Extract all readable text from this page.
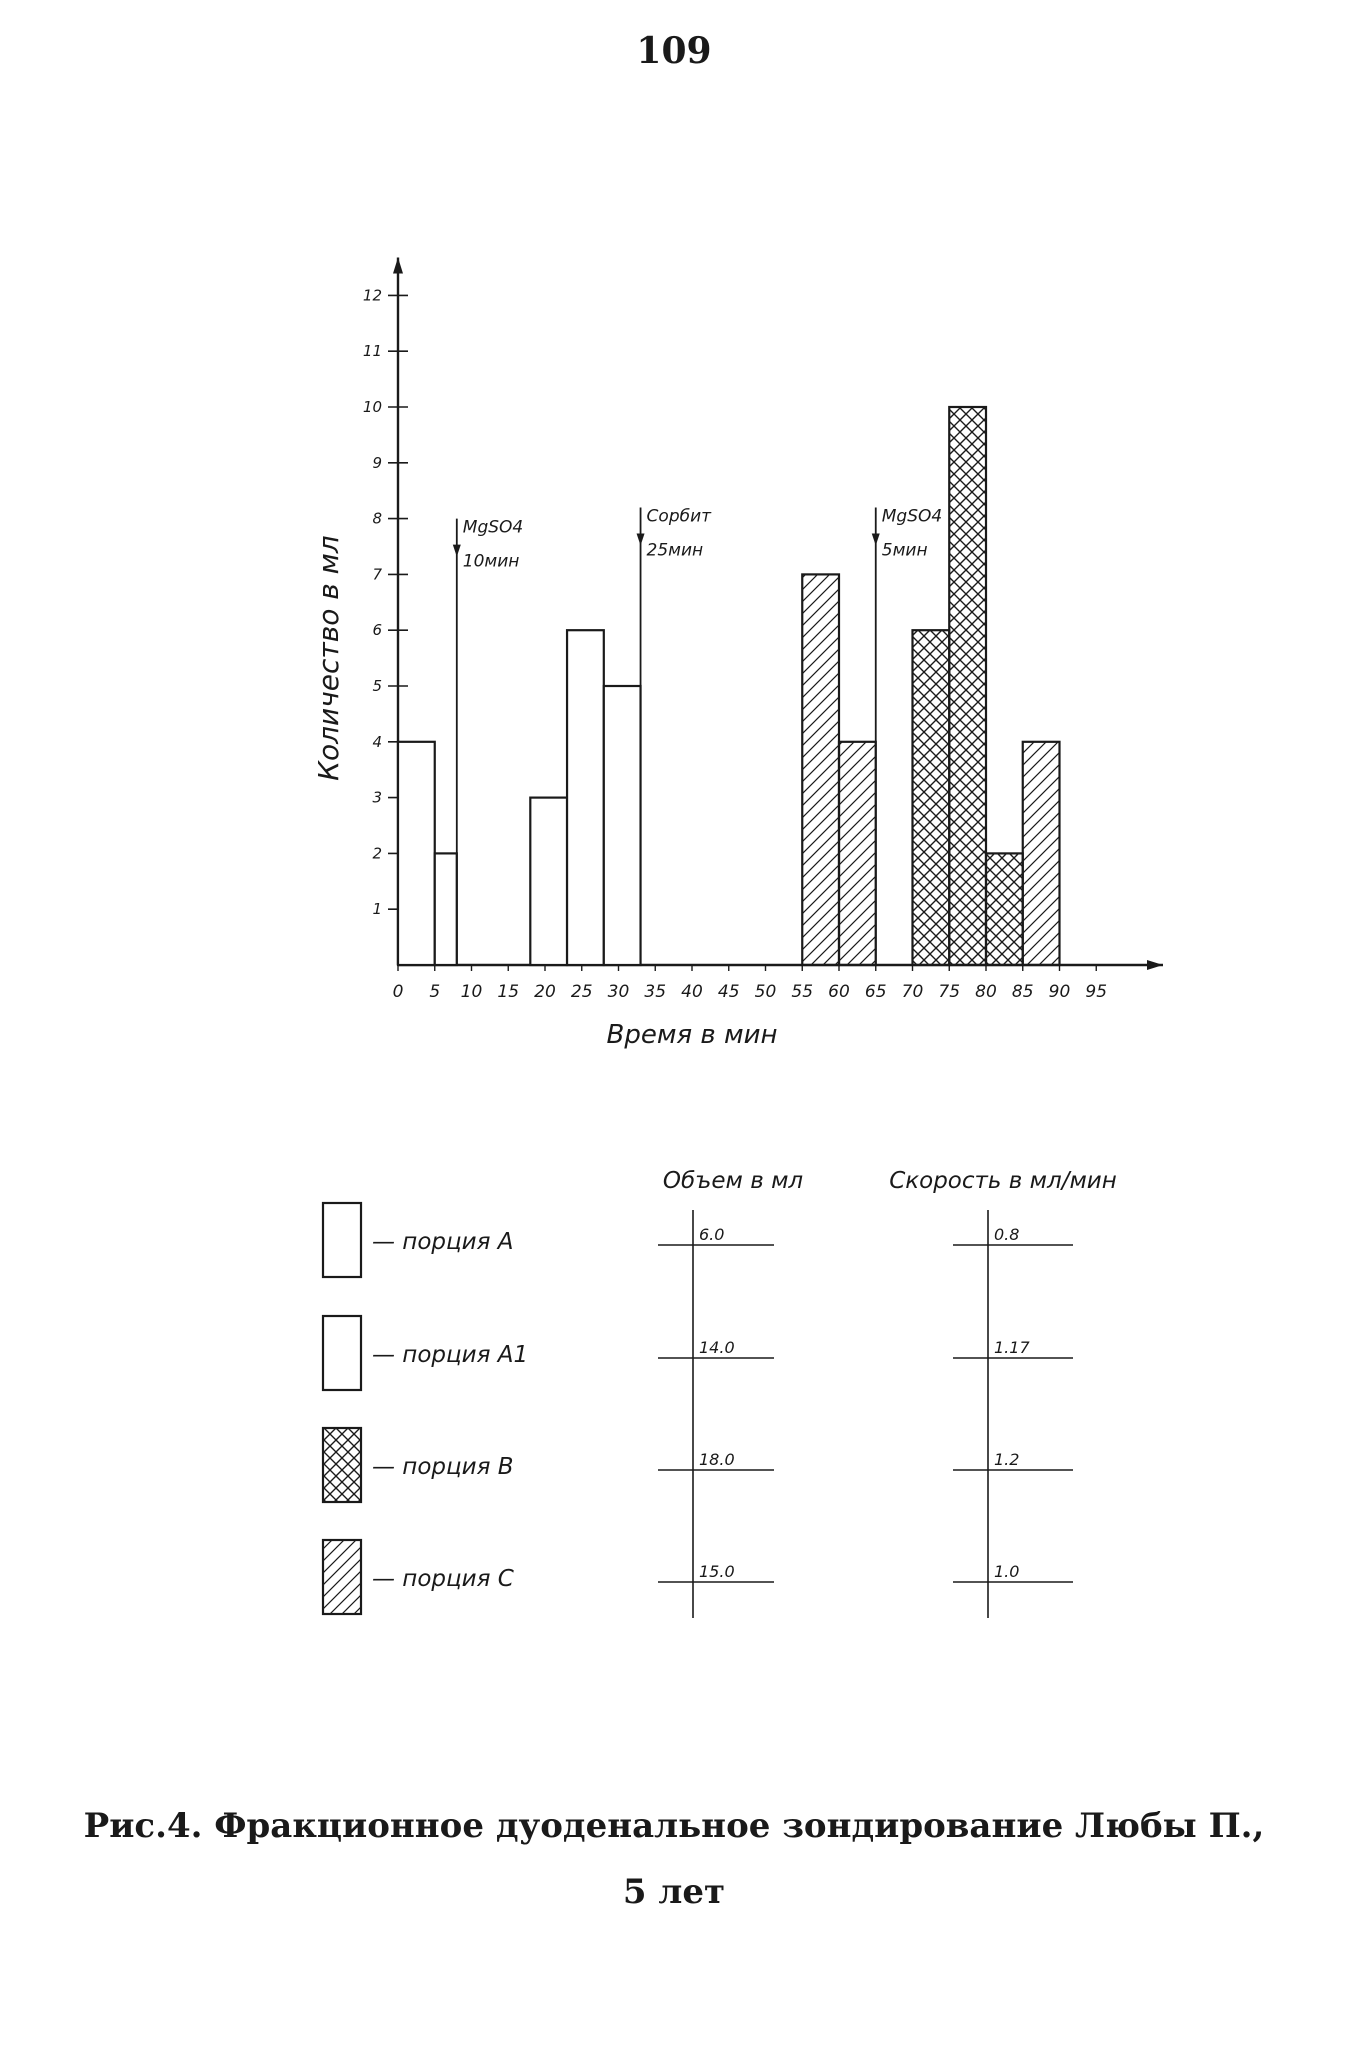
109
1
2
3
4
5
6
7
8
9
10
11
12
0 5 10 15 20 25 30 35 40 45 50 55 60 65 70 75 80 85 90 95
Время в мин
Количество в мл
MgSO4
10мин
Сорбит
25мин
MgSO4
5мин
Объем в мл	Скорость в мл/мин
— порция А	6.0	0.8
— порция А1	14.0	1.17
— порция В	18.0	1.2
— порция С	15.0	1.0
Рис.4. Фракционное дуоденальное зондирование Любы П.,
5 лет
